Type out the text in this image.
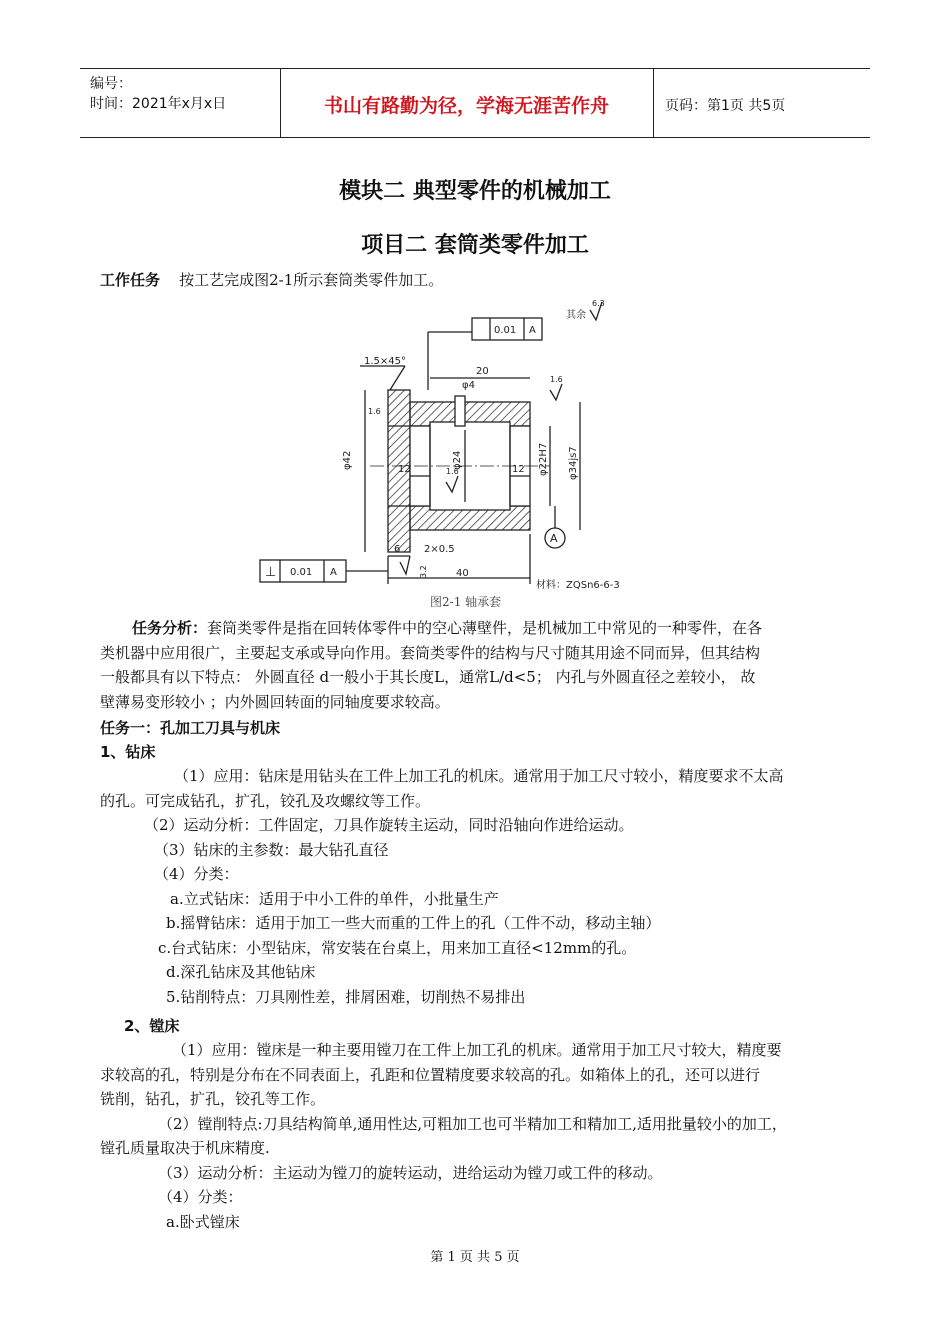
编号：
时间：2021年x月x日	书山有路勤为径，学海无涯苦作舟	页码：第1页 共5页
模块二 典型零件的机械加工
项目二 套筒类零件加工
工作任务 按工艺完成图2-1所示套筒类零件加工。
其余
6.3
0.01 A
1.5×45°
20
φ4
1.6
1.6
1.6
φ42	φ24	φ22H7 φ34js7
12	12
6 2×0.5
40
3.2
0.01
⊥	A
A
材料：ZQSn6-6-3
图2-1 轴承套
任务分析：套筒类零件是指在回转体零件中的空心薄壁件，是机械加工中常见的一种零件，在各
类机器中应用很广，主要起支承或导向作用。套筒类零件的结构与尺寸随其用途不同而异，但其结构
一般都具有以下特点： 外圆直径 d一般小于其长度L，通常L/d<5； 内孔与外圆直径之差较小， 故
壁薄易变形较小 ；内外圆回转面的同轴度要求较高。
任务一：孔加工刀具与机床
1、钻床
（1）应用：钻床是用钻头在工件上加工孔的机床。通常用于加工尺寸较小，精度要求不太高
的孔。可完成钻孔，扩孔，铰孔及攻螺纹等工作。
（2）运动分析：工件固定，刀具作旋转主运动，同时沿轴向作进给运动。
（3）钻床的主参数：最大钻孔直径
（4）分类：
a.立式钻床：适用于中小工件的单件，小批量生产
b.摇臂钻床：适用于加工一些大而重的工件上的孔（工件不动，移动主轴）
c.台式钻床：小型钻床，常安装在台桌上，用来加工直径<12mm的孔。
d.深孔钻床及其他钻床
5.钻削特点：刀具刚性差，排屑困难，切削热不易排出
2、镗床
（1）应用：镗床是一种主要用镗刀在工件上加工孔的机床。通常用于加工尺寸较大，精度要
求较高的孔，特别是分布在不同表面上，孔距和位置精度要求较高的孔。如箱体上的孔，还可以进行
铣削，钻孔，扩孔，铰孔等工作。
（2）镗削特点:刀具结构简单,通用性达,可粗加工也可半精加工和精加工,适用批量较小的加工，
镗孔质量取决于机床精度.
（3）运动分析：主运动为镗刀的旋转运动，进给运动为镗刀或工件的移动。
（4）分类：
a.卧式镗床
第 1 页 共 5 页
